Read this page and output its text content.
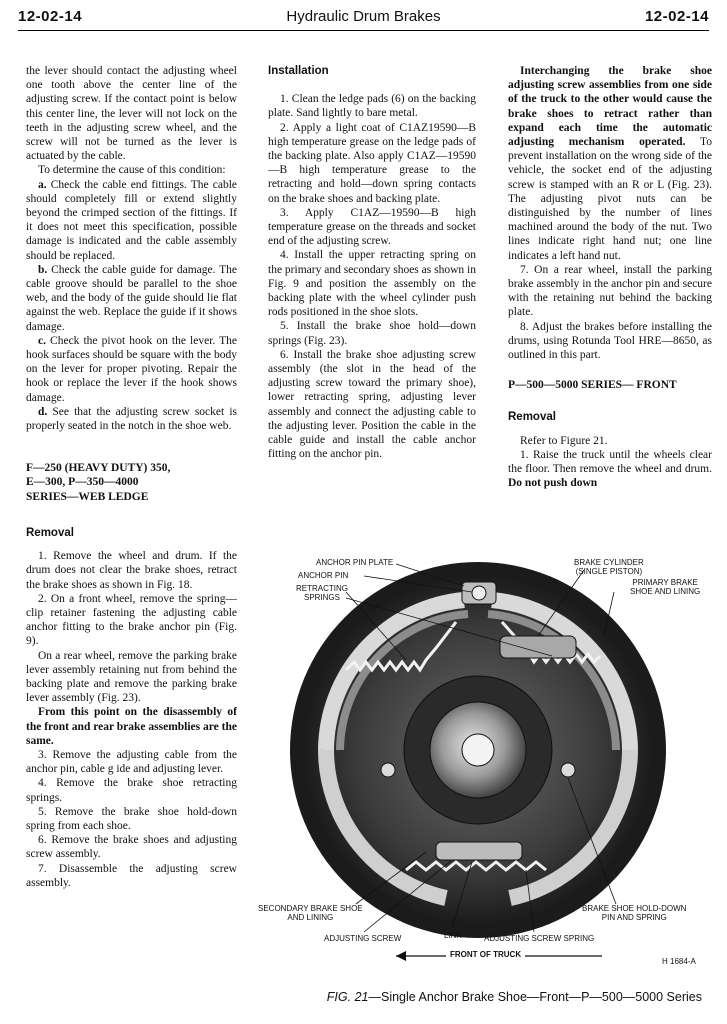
12-02-14	Hydraulic Drum Brakes	12-02-14

the lever should contact the adjusting wheel one tooth above the center line of the adjusting screw. If the contact point is below this center line, the lever will not lock on the teeth in the adjusting screw wheel, and the screw will not be turned as the lever is actuated by the cable.

To determine the cause of this condition:

a. Check the cable end fittings. The cable should completely fill or extend slightly beyond the crimped section of the fittings. If it does not meet this specification, possible damage is indicated and the cable assembly should be replaced.

b. Check the cable guide for damage. The cable groove should be parallel to the shoe web, and the body of the guide should lie flat against the web. Replace the guide if it shows damage.

c. Check the pivot hook on the lever. The hook surfaces should be square with the body on the lever for proper pivoting. Repair the hook or replace the lever if the hook shows damage.

d. See that the adjusting screw socket is properly seated in the notch in the shoe web.

F—250 (HEAVY DUTY) 350,
E—300, P—350—4000
SERIES—WEB LEDGE
Removal

1. Remove the wheel and drum. If the drum does not clear the brake shoes, retract the brake shoes as shown in Fig. 18.

2. On a front wheel, remove the spring—clip retainer fastening the adjusting cable anchor fitting to the brake anchor pin (Fig. 9).

On a rear wheel, remove the parking brake lever assembly retaining nut from behind the backing plate and remove the parking brake lever assembly (Fig. 23).

From this point on the disassembly of the front and rear brake assemblies are the same.

3. Remove the adjusting cable from the anchor pin, cable g ide and adjusting lever.

4. Remove the brake shoe retracting springs.

5. Remove the brake shoe hold-down spring from each shoe.

6. Remove the brake shoes and adjusting screw assembly.

7. Disassemble the adjusting screw assembly.

Installation

1. Clean the ledge pads (6) on the backing plate. Sand lightly to bare metal.

2. Apply a light coat of C1AZ19590—B high temperature grease on the ledge pads of the backing plate. Also apply C1AZ—19590—B high temperature grease to the retracting and hold—down spring contacts on the brake shoes and backing plate.

3. Apply C1AZ—19590—B high temperature grease on the threads and socket end of the adjusting screw.

4. Install the upper retracting spring on the primary and secondary shoes as shown in Fig. 9 and position the assembly on the backing plate with the wheel cylinder push rods positioned in the shoe slots.

5. Install the brake shoe hold—down springs (Fig. 23).

6. Install the brake shoe adjusting screw assembly (the slot in the head of the adjusting screw toward the primary shoe), lower retracting spring, adjusting lever assembly and connect the adjusting cable to the adjusting lever. Position the cable in the cable guide and install the cable anchor fitting on the anchor pin.

Interchanging the brake shoe adjusting screw assemblies from one side of the truck to the other would cause the brake shoes to retract rather than expand each time the automatic adjusting mechanism operated. To prevent installation on the wrong side of the vehicle, the socket end of the adjusting screw is stamped with an R or L (Fig. 23). The adjusting pivot nuts can be distinguished by the number of lines machined around the body of the nut. Two lines indicate right hand nut; one line indicates a left hand nut.

7. On a rear wheel, install the parking brake assembly in the anchor pin and secure with the retaining nut behind the backing plate.

8. Adjust the brakes before installing the drums, using Rotunda Tool HRE—8650, as outlined in this part.

P—500—5000 SERIES— FRONT
Removal

Refer to Figure 21.

1. Raise the truck until the wheels clear the floor. Then remove the wheel and drum. Do not push down

ANCHOR PIN PLATE
ANCHOR PIN
RETRACTING
SPRINGS
BRAKE CYLINDER
(SINGLE PISTON)
PRIMARY BRAKE
SHOE AND LINING
SECONDARY BRAKE SHOE
AND LINING
BRAKE SHOE HOLD-DOWN
PIN AND SPRING
ADJUSTING SCREW	LINK	ADJUSTING SCREW SPRING
FRONT OF TRUCK
H 1684-A
FIG. 21—Single Anchor Brake Shoe—Front—P—500—5000 Series
